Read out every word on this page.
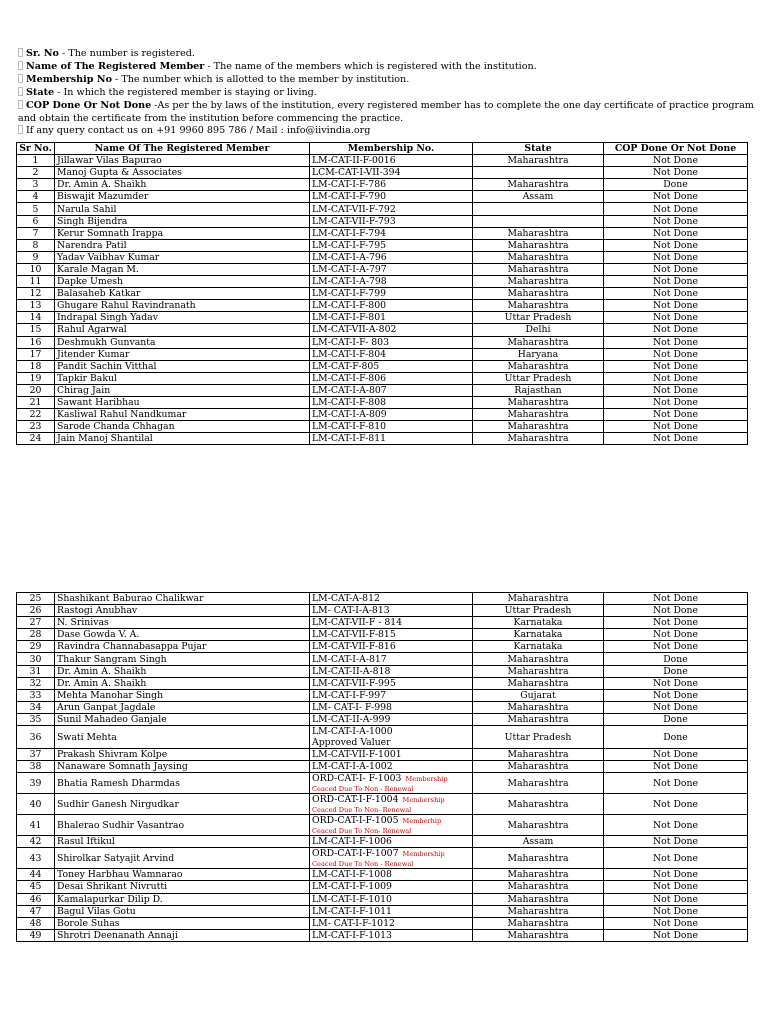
Sr. No - The number is registered.
Name of The Registered Member - The name of the members which is registered with the institution.
Membership No - The number which is allotted to the member by institution.
State - In which the registered member is staying or living.
COP Done Or Not Done -As per the by laws of the institution, every registered member has to complete the one day certificate of practice program and obtain the certificate from the institution before commencing the practice.
If any query contact us on +91 9960 895 786 / Mail : info@iivindia.org
Sr No.	Name Of The Registered Member	Membership No.	State	COP Done Or Not Done
1	Jillawar Vilas Bapurao	LM-CAT-II-F-0016	Maharashtra	Not Done
2	Manoj Gupta & Associates	LCM-CAT-I-VII-394		Not Done
3	Dr. Amin A. Shaikh	LM-CAT-I-F-786	Maharashtra	Done
4	Biswajit Mazumder	LM-CAT-I-F-790	Assam	Not Done
5	Narula Sahil	LM-CAT-VII-F-792		Not Done
6	Singh Bijendra	LM-CAT-VII-F-793		Not Done
7	Kerur Somnath Irappa	LM-CAT-I-F-794	Maharashtra	Not Done
8	Narendra Patil	LM-CAT-I-F-795	Maharashtra	Not Done
9	Yadav Vaibhav Kumar	LM-CAT-I-A-796	Maharashtra	Not Done
10	Karale Magan M.	LM-CAT-I-A-797	Maharashtra	Not Done
11	Dapke Umesh	LM-CAT-I-A-798	Maharashtra	Not Done
12	Balasaheb Katkar	LM-CAT-I-F-799	Maharashtra	Not Done
13	Ghugare Rahul Ravindranath	LM-CAT-I-F-800	Maharashtra	Not Done
14	Indrapal Singh Yadav	LM-CAT-I-F-801	Uttar Pradesh	Not Done
15	Rahul Agarwal	LM-CAT-VII-A-802	Delhi	Not Done
16	Deshmukh Gunvanta	LM-CAT-I-F- 803	Maharashtra	Not Done
17	Jitender Kumar	LM-CAT-I-F-804	Haryana	Not Done
18	Pandit Sachin Vitthal	LM-CAT-F-805	Maharashtra	Not Done
19	Tapkir Bakul	LM-CAT-I-F-806	Uttar Pradesh	Not Done
20	Chirag Jain	LM-CAT-I-A-807	Rajasthan	Not Done
21	Sawant Haribhau	LM-CAT-I-F-808	Maharashtra	Not Done
22	Kasliwal Rahul Nandkumar	LM-CAT-I-A-809	Maharashtra	Not Done
23	Sarode Chanda Chhagan	LM-CAT-I-F-810	Maharashtra	Not Done
24	Jain Manoj Shantilal	LM-CAT-I-F-811	Maharashtra	Not Done
25	Shashikant Baburao Chalikwar	LM-CAT-A-812	Maharashtra	Not Done
26	Rastogi Anubhav	LM- CAT-I-A-813	Uttar Pradesh	Not Done
27	N. Srinivas	LM-CAT-VII-F - 814	Karnataka	Not Done
28	Dase Gowda V. A.	LM-CAT-VII-F-815	Karnataka	Not Done
29	Ravindra Channabasappa Pujar	LM-CAT-VII-F-816	Karnataka	Not Done
30	Thakur Sangram Singh	LM-CAT-I-A-817	Maharashtra	Done
31	Dr. Amin A. Shaikh	LM-CAT-II-A-818	Maharashtra	Done
32	Dr. Amin A. Shaikh	LM-CAT-VII-F-995	Maharashtra	Not Done
33	Mehta Manohar Singh	LM-CAT-I-F-997	Gujarat	Not Done
34	Arun Ganpat Jagdale	LM- CAT-I- F-998	Maharashtra	Not Done
35	Sunil Mahadeo Ganjale	LM-CAT-II-A-999	Maharashtra	Done
36	Swati Mehta	LM-CAT-I-A-1000
Approved Valuer	Uttar Pradesh	Done
37	Prakash Shivram Kolpe	LM-CAT-VII-F-1001	Maharashtra	Not Done
38	Nanaware Somnath Jaysing	LM-CAT-I-A-1002	Maharashtra	Not Done
39	Bhatia Ramesh Dharmdas	ORD-CAT-I- F-1003 Membership
Ceaced Due To Non - Renewal	Maharashtra	Not Done
40	Sudhir Ganesh Nirgudkar	ORD-CAT-I-F-1004 Membership
Ceaced Due To Non- Renewal	Maharashtra	Not Done
41	Bhalerao Sudhir Vasantrao	ORD-CAT-I-F-1005 Memberhip
Ceaced Due To Non- Renewal	Maharashtra	Not Done
42	Rasul Iftikul	LM-CAT-I-F-1006	Assam	Not Done
43	Shirolkar Satyajit Arvind	ORD-CAT-I-F-1007 Membership
Ceaced Due To Non - Renewal	Maharashtra	Not Done
44	Toney Harbhau Wamnarao	LM-CAT-I-F-1008	Maharashtra	Not Done
45	Desai Shrikant Nivrutti	LM-CAT-I-F-1009	Maharashtra	Not Done
46	Kamalapurkar Dilip D.	LM-CAT-I-F-1010	Maharashtra	Not Done
47	Bagul Vilas Gotu	LM-CAT-I-F-1011	Maharashtra	Not Done
48	Borole Suhas	LM- CAT-I-F-1012	Maharashtra	Not Done
49	Shrotri Deenanath Annaji	LM-CAT-I-F-1013	Maharashtra	Not Done
